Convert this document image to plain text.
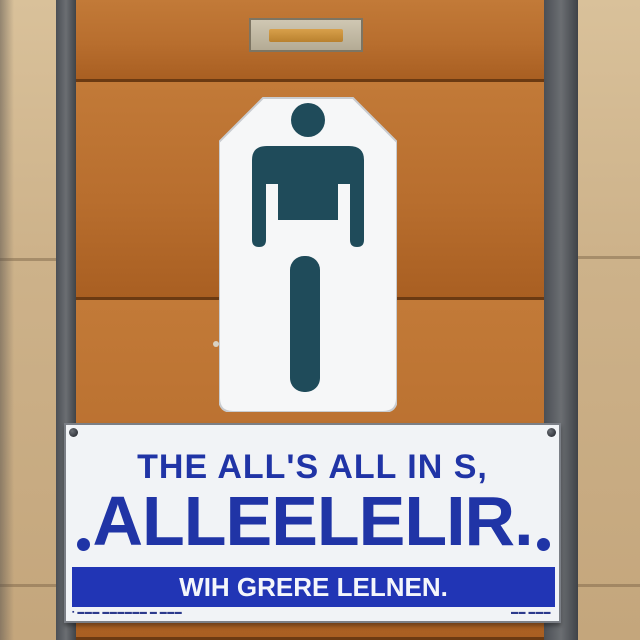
THE ALL'S ALL IN S,
ALLEELELIR.
WIH GRERE LELNEN.
▪ ▬▬▬ ▬▬▬▬▬▬ ▬ ▬▬▬	▬▬ ▬▬▬
